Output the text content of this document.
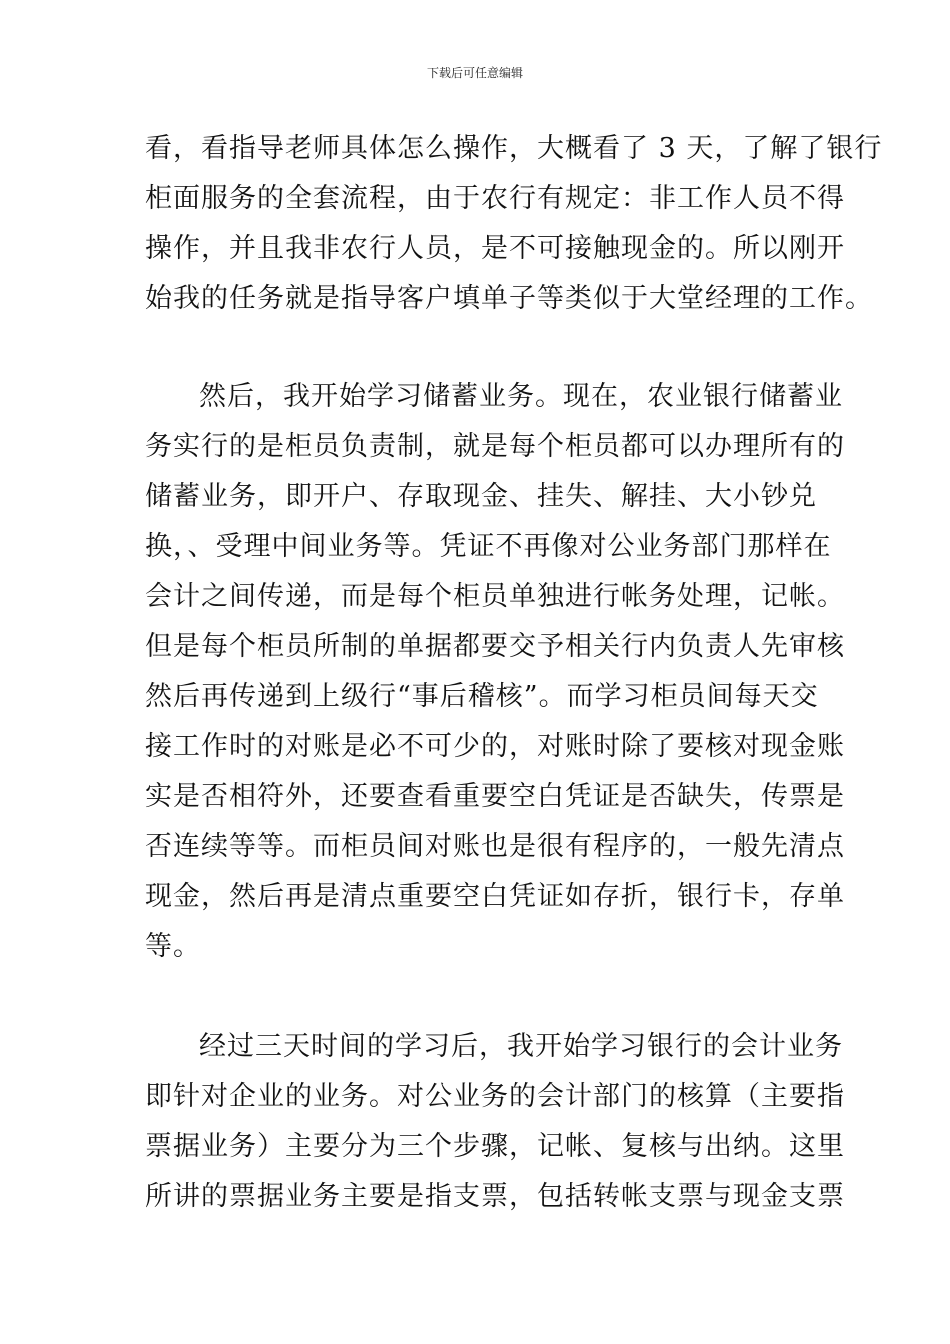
下载后可任意编辑
看，看指导老师具体怎么操作，大概看了 3 天，了解了银行
柜面服务的全套流程，由于农行有规定：非工作人员不得
操作，并且我非农行人员，是不可接触现金的。所以刚开
始我的任务就是指导客户填单子等类似于大堂经理的工作。
然后，我开始学习储蓄业务。现在，农业银行储蓄业
务实行的是柜员负责制，就是每个柜员都可以办理所有的
储蓄业务，即开户、存取现金、挂失、解挂、大小钞兑
换，、受理中间业务等。凭证不再像对公业务部门那样在
会计之间传递，而是每个柜员单独进行帐务处理，记帐。
但是每个柜员所制的单据都要交予相关行内负责人先审核
然后再传递到上级行“事后稽核”。而学习柜员间每天交
接工作时的对账是必不可少的，对账时除了要核对现金账
实是否相符外，还要查看重要空白凭证是否缺失，传票是
否连续等等。而柜员间对账也是很有程序的，一般先清点
现金，然后再是清点重要空白凭证如存折，银行卡，存单
等。
经过三天时间的学习后，我开始学习银行的会计业务
即针对企业的业务。对公业务的会计部门的核算（主要指
票据业务）主要分为三个步骤，记帐、复核与出纳。这里
所讲的票据业务主要是指支票，包括转帐支票与现金支票
